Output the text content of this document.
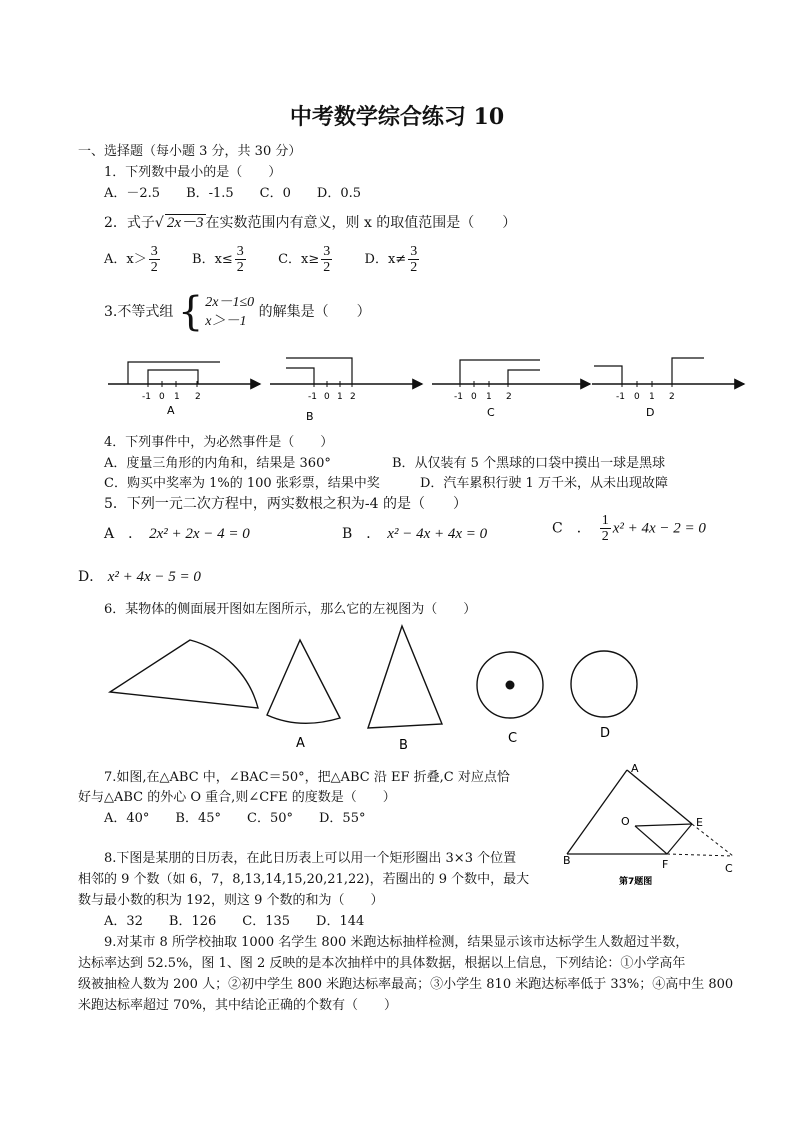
中考数学综合练习 10
一、选择题（每小题 3 分，共 30 分）
1．下列数中最小的是（　　）
A．－2.5　　B．-1.5　　C．0　　D．0.5
2．式子√ 2x－3 在实数范围内有意义，则 x 的取值范围是（　　）
A．$x> \frac{3}{2}$ B．$x\le \frac{3}{2}$ C．$x\ge \frac{3}{2}$ D．$x\ne \frac{3}{2}$
3.不等式组 { 2x－1≤0
x＞－1
的解集是（　　）
-1 0 1 2
A
-1 0 1 2
B
-1 0 1 2
C
-1 0 1 2
D
4．下列事件中，为必然事件是（　　）
A．度量三角形的内角和，结果是 360°	B．从仅装有 5 个黑球的口袋中摸出一球是黑球
C．购买中奖率为 1%的 100 张彩票，结果中奖	D．汽车累积行驶 1 万千米，从未出现故障
5．下列一元二次方程中，两实数根之积为-4 的是（　　）
A　．　 2x² + 2x − 4 = 0	B　．　 x² − 4x + 4x = 0	C　．　 $\frac{1}{2} x^2 + 4x - 2 = 0$
D． x² + 4x − 5 = 0
6．某物体的侧面展开图如左图所示，那么它的左视图为（　　）
A	B	C	D
7.如图,在△ABC 中，∠BAC＝50°，把△ABC 沿 EF 折叠,C 对应点恰
好与△ABC 的外心 O 重合,则∠CFE 的度数是（　　）
A．40°　　B．45°　　C．50°　　D．55°
A
O	E
B	F	C
第7题图
8.下图是某朋的日历表，在此日历表上可以用一个矩形圈出 3×3 个位置
相邻的 9 个数（如 6，7，8,13,14,15,20,21,22)，若圈出的 9 个数中，最大
数与最小数的积为 192，则这 9 个数的和为（　　）
A．32　　B．126　　C．135　　D．144
9.对某市 8 所学校抽取 1000 名学生 800 米跑达标抽样检测，结果显示该市达标学生人数超过半数，
达标率达到 52.5%，图 1、图 2 反映的是本次抽样中的具体数据，根据以上信息，下列结论：①小学高年
级被抽检人数为 200 人；②初中学生 800 米跑达标率最高；③小学生 810 米跑达标率低于 33%；④高中生 800
米跑达标率超过 70%，其中结论正确的个数有（　　）
